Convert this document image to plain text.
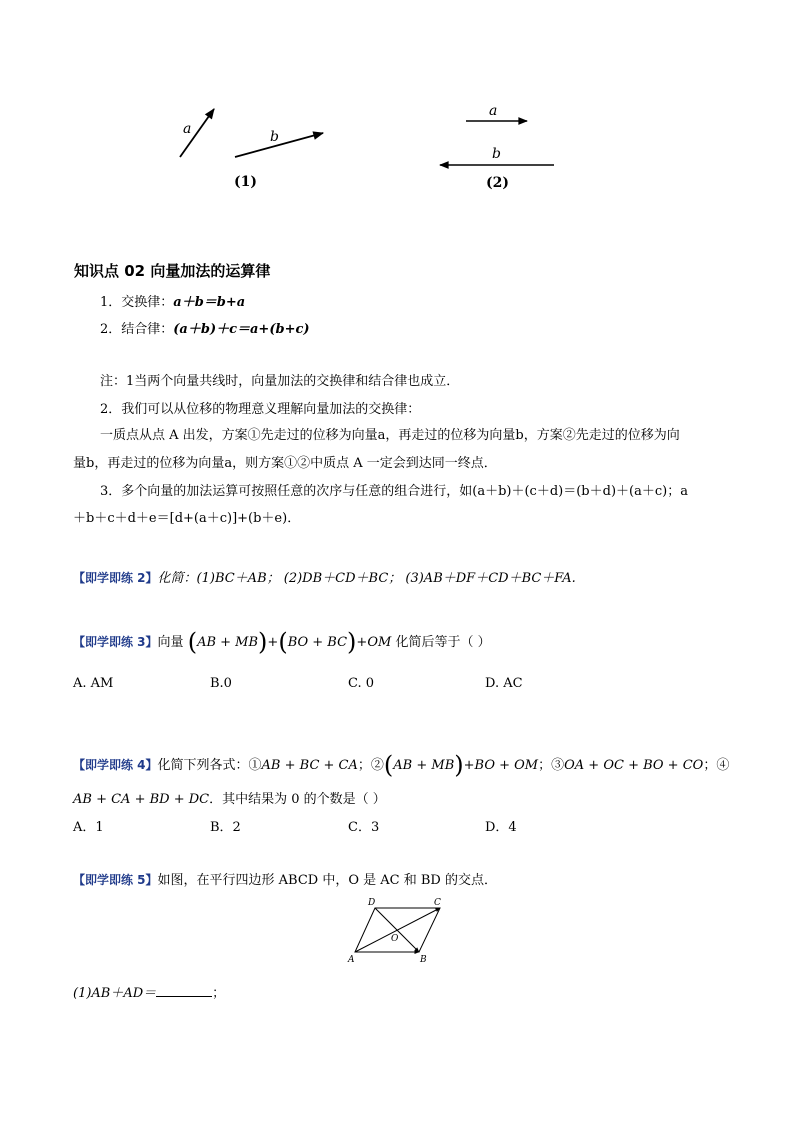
a	b
(1)
a
b
(2)
知识点 02 向量加法的运算律
1．交换律：a＋b＝b+a
2．结合律：(a＋b)＋c＝a+(b+c)
注：1当两个向量共线时，向量加法的交换律和结合律也成立．
2．我们可以从位移的物理意义理解向量加法的交换律：
一质点从点 A 出发，方案①先走过的位移为向量a，再走过的位移为向量b，方案②先走过的位移为向
量b，再走过的位移为向量a，则方案①②中质点 A 一定会到达同一终点．
3．多个向量的加法运算可按照任意的次序与任意的组合进行，如(a＋b)＋(c＋d)＝(b＋d)＋(a＋c)；a
＋b＋c＋d＋e＝[d+(a＋c)]+(b＋e)．
【即学即练 2】化简：(1)BC＋AB； (2)DB＋CD＋BC； (3)AB＋DF＋CD＋BC＋FA.
【即学即练 3】向量 (AB + MB)+(BO + BC)+OM 化简后等于（ ）
A. AM	B.0	C. 0	D. AC
【即学即练 4】化简下列各式：①AB + BC + CA；②(AB + MB)+BO + OM；③OA + OC + BO + CO；④
AB + CA + BD + DC．其中结果为 0 的个数是（ ）
A．1	B．2	C．3	D．4
【即学即练 5】如图，在平行四边形 ABCD 中，O 是 AC 和 BD 的交点．
A	B
C
D
O
(1)AB＋AD＝	；
